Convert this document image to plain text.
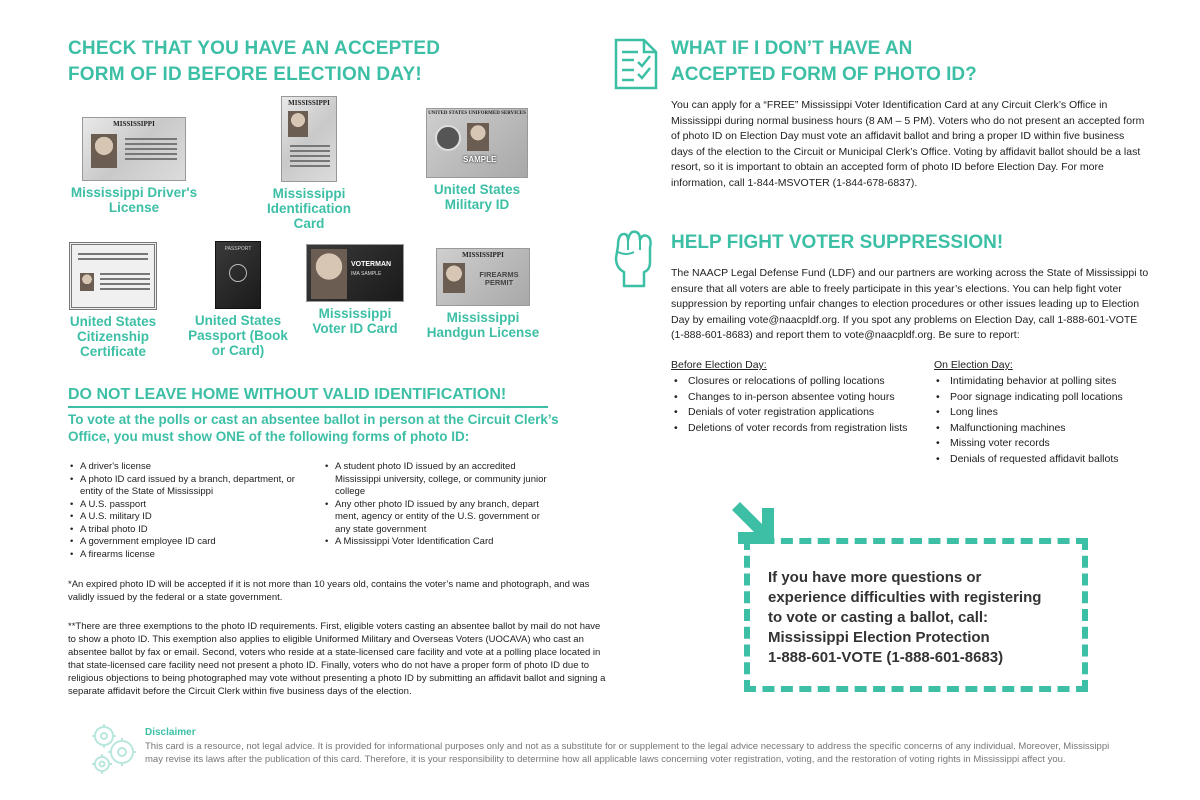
CHECK THAT YOU HAVE AN ACCEPTED
FORM OF ID BEFORE ELECTION DAY!
MISSISSIPPI
Mississippi Driver's License
MISSISSIPPI
Mississippi Identification Card
UNITED STATES UNIFORMED SERVICES
SAMPLE
United States Military ID
United States Citizenship Certificate
PASSPORT
United States Passport (Book or Card)
VOTERMAN
IMA SAMPLE
Mississippi Voter ID Card
MISSISSIPPI
FIREARMS PERMIT
Mississippi Handgun License
DO NOT LEAVE HOME WITHOUT VALID IDENTIFICATION!
To vote at the polls or cast an absentee ballot in person at the Circuit Clerk’s Office, you must show ONE of the following forms of photo ID:
• A driver's license
• A photo ID card issued by a branch, department, or entity of the State of Mississippi
• A U.S. passport
• A U.S. military ID
• A tribal photo ID
• A government employee ID card
• A firearms license
• A student photo ID issued by an accredited Mississippi university, college, or community junior college
• Any other photo ID issued by any branch, depart ment, agency or entity of the U.S. government or any state government
• A Mississippi Voter Identification Card
*An expired photo ID will be accepted if it is not more than 10 years old, contains the voter’s name and photograph, and was validly issued by the federal or a state government.
**There are three exemptions to the photo ID requirements. First, eligible voters casting an absentee ballot by mail do not have to show a photo ID. This exemption also applies to eligible Uniformed Military and Overseas Voters (UOCAVA) who cast an absentee ballot by fax or email. Second, voters who reside at a state-licensed care facility and vote at a polling place located in that state-licensed care facility need not present a photo ID. Finally, voters who do not have a proper form of photo ID due to religious objections to being photographed may vote without presenting a photo ID by submitting an affidavit ballot and signing a separate affidavit before the Circuit Clerk within five business days of the election.
WHAT IF I DON’T HAVE AN
ACCEPTED FORM OF PHOTO ID?
You can apply for a “FREE” Mississippi Voter Identification Card at any Circuit Clerk’s Office in Mississippi during normal business hours (8 AM – 5 PM). Voters who do not present an accepted form of photo ID on Election Day must vote an affidavit ballot and bring a proper ID within five business days of the election to the Circuit or Municipal Clerk’s Office. Voting by affidavit ballot should be a last resort, so it is important to obtain an accepted form of photo ID before Election Day. For more information, call 1-844-MSVOTER (1-844-678-6837).
HELP FIGHT VOTER SUPPRESSION!
The NAACP Legal Defense Fund (LDF) and our partners are working across the State of Mississippi to ensure that all voters are able to freely participate in this year’s elections. You can help fight voter suppression by reporting unfair changes to election procedures or other issues leading up to Election Day by emailing vote@naacpldf.org. If you spot any problems on Election Day, call 1-888-601-VOTE (1-888-601-8683) and report them to vote@naacpldf.org. Be sure to report:
Before Election Day:
• Closures or relocations of polling locations
• Changes to in-person absentee voting hours
• Denials of voter registration applications
• Deletions of voter records from registration lists
On Election Day:
• Intimidating behavior at polling sites
• Poor signage indicating poll locations
• Long lines
• Malfunctioning machines
• Missing voter records
• Denials of requested affidavit ballots

If you have more questions or

experience difficulties with registering

to vote or casting a ballot, call:

Mississippi Election Protection

1-888-601-VOTE (1-888-601-8683)

Disclaimer
This card is a resource, not legal advice. It is provided for informational purposes only and not as a substitute for or supplement to the legal advice necessary to address the specific concerns of any individual. Moreover, Mississippi may revise its laws after the publication of this card. Therefore, it is your responsibility to determine how all applicable laws concerning voter registration, voting, and the restoration of voting rights in Mississippi affect you.
